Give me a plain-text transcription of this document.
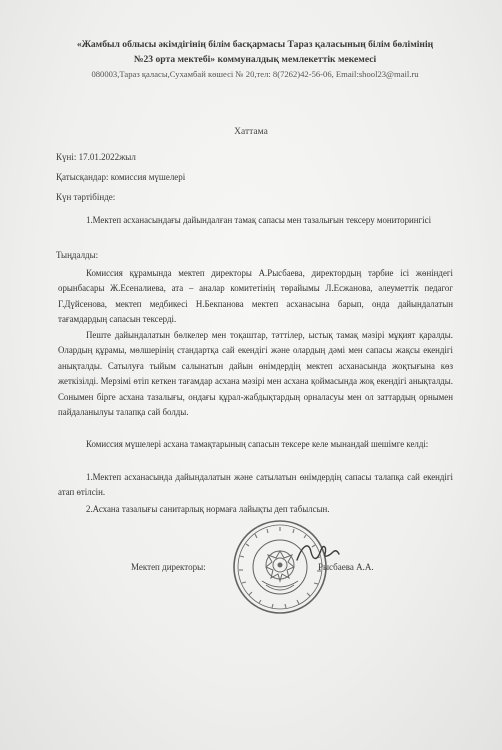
«Жамбыл облысы әкімдігінің білім басқармасы Тараз қаласының білім бөлімінің
№23 орта мектебі» коммуналдық мемлекеттік мекемесі
080003,Тараз қаласы,Сухамбай көшесі № 20,тел: 8(7262)42-56-06, Email:shool23@mail.ru
Хаттама
Күні: 17.01.2022жыл
Қатысқандар: комиссия мүшелері
Күн тәртібінде:
1.Мектеп асханасындағы дайындалған тамақ сапасы мен тазалығын тексеру мониторингісі
Тыңдалды:
Комиссия құрамында мектеп директоры А.Рысбаева, директордың тәрбие ісі жөніндегі орынбасары Ж.Есеналиева, ата – аналар комитетінің төрайымы Л.Есжанова, әлеуметтік педагог Г.Дүйсенова, мектеп медбикесі Н.Бекпанова мектеп асханасына барып, онда дайындалатын тағамдардың сапасын тексерді.
Пеште дайындалатын бөлкелер мен тоқаштар, тәттілер, ыстық тамақ мәзірі мұқият қаралды. Олардың құрамы, мөлшерінің стандартқа сай екендігі және олардың дәмі мен сапасы жақсы екендігі анықталды. Сатылуға тыйым салынатын дайын өнімдердің мектеп асханасында жоқтығына көз жеткізілді. Мерзімі өтіп кеткен тағамдар асхана мәзірі мен асхана қоймасында жоқ екендігі анықталды. Сонымен бірге асхана тазалығы, ондағы құрал-жабдықтардың орналасуы мен ол заттардың орнымен пайдаланылуы талапқа сай болды.
Комиссия мүшелері асхана тамақтарының сапасын тексере келе мынандай шешімге келді:
1.Мектеп асханасында дайындалатын және сатылатын өнімдердің сапасы талапқа сай екендігі атап өтілсін.
2.Асхана тазалығы санитарлық нормаға лайықты деп табылсын.
Мектеп директоры:	Рысбаева А.А.
